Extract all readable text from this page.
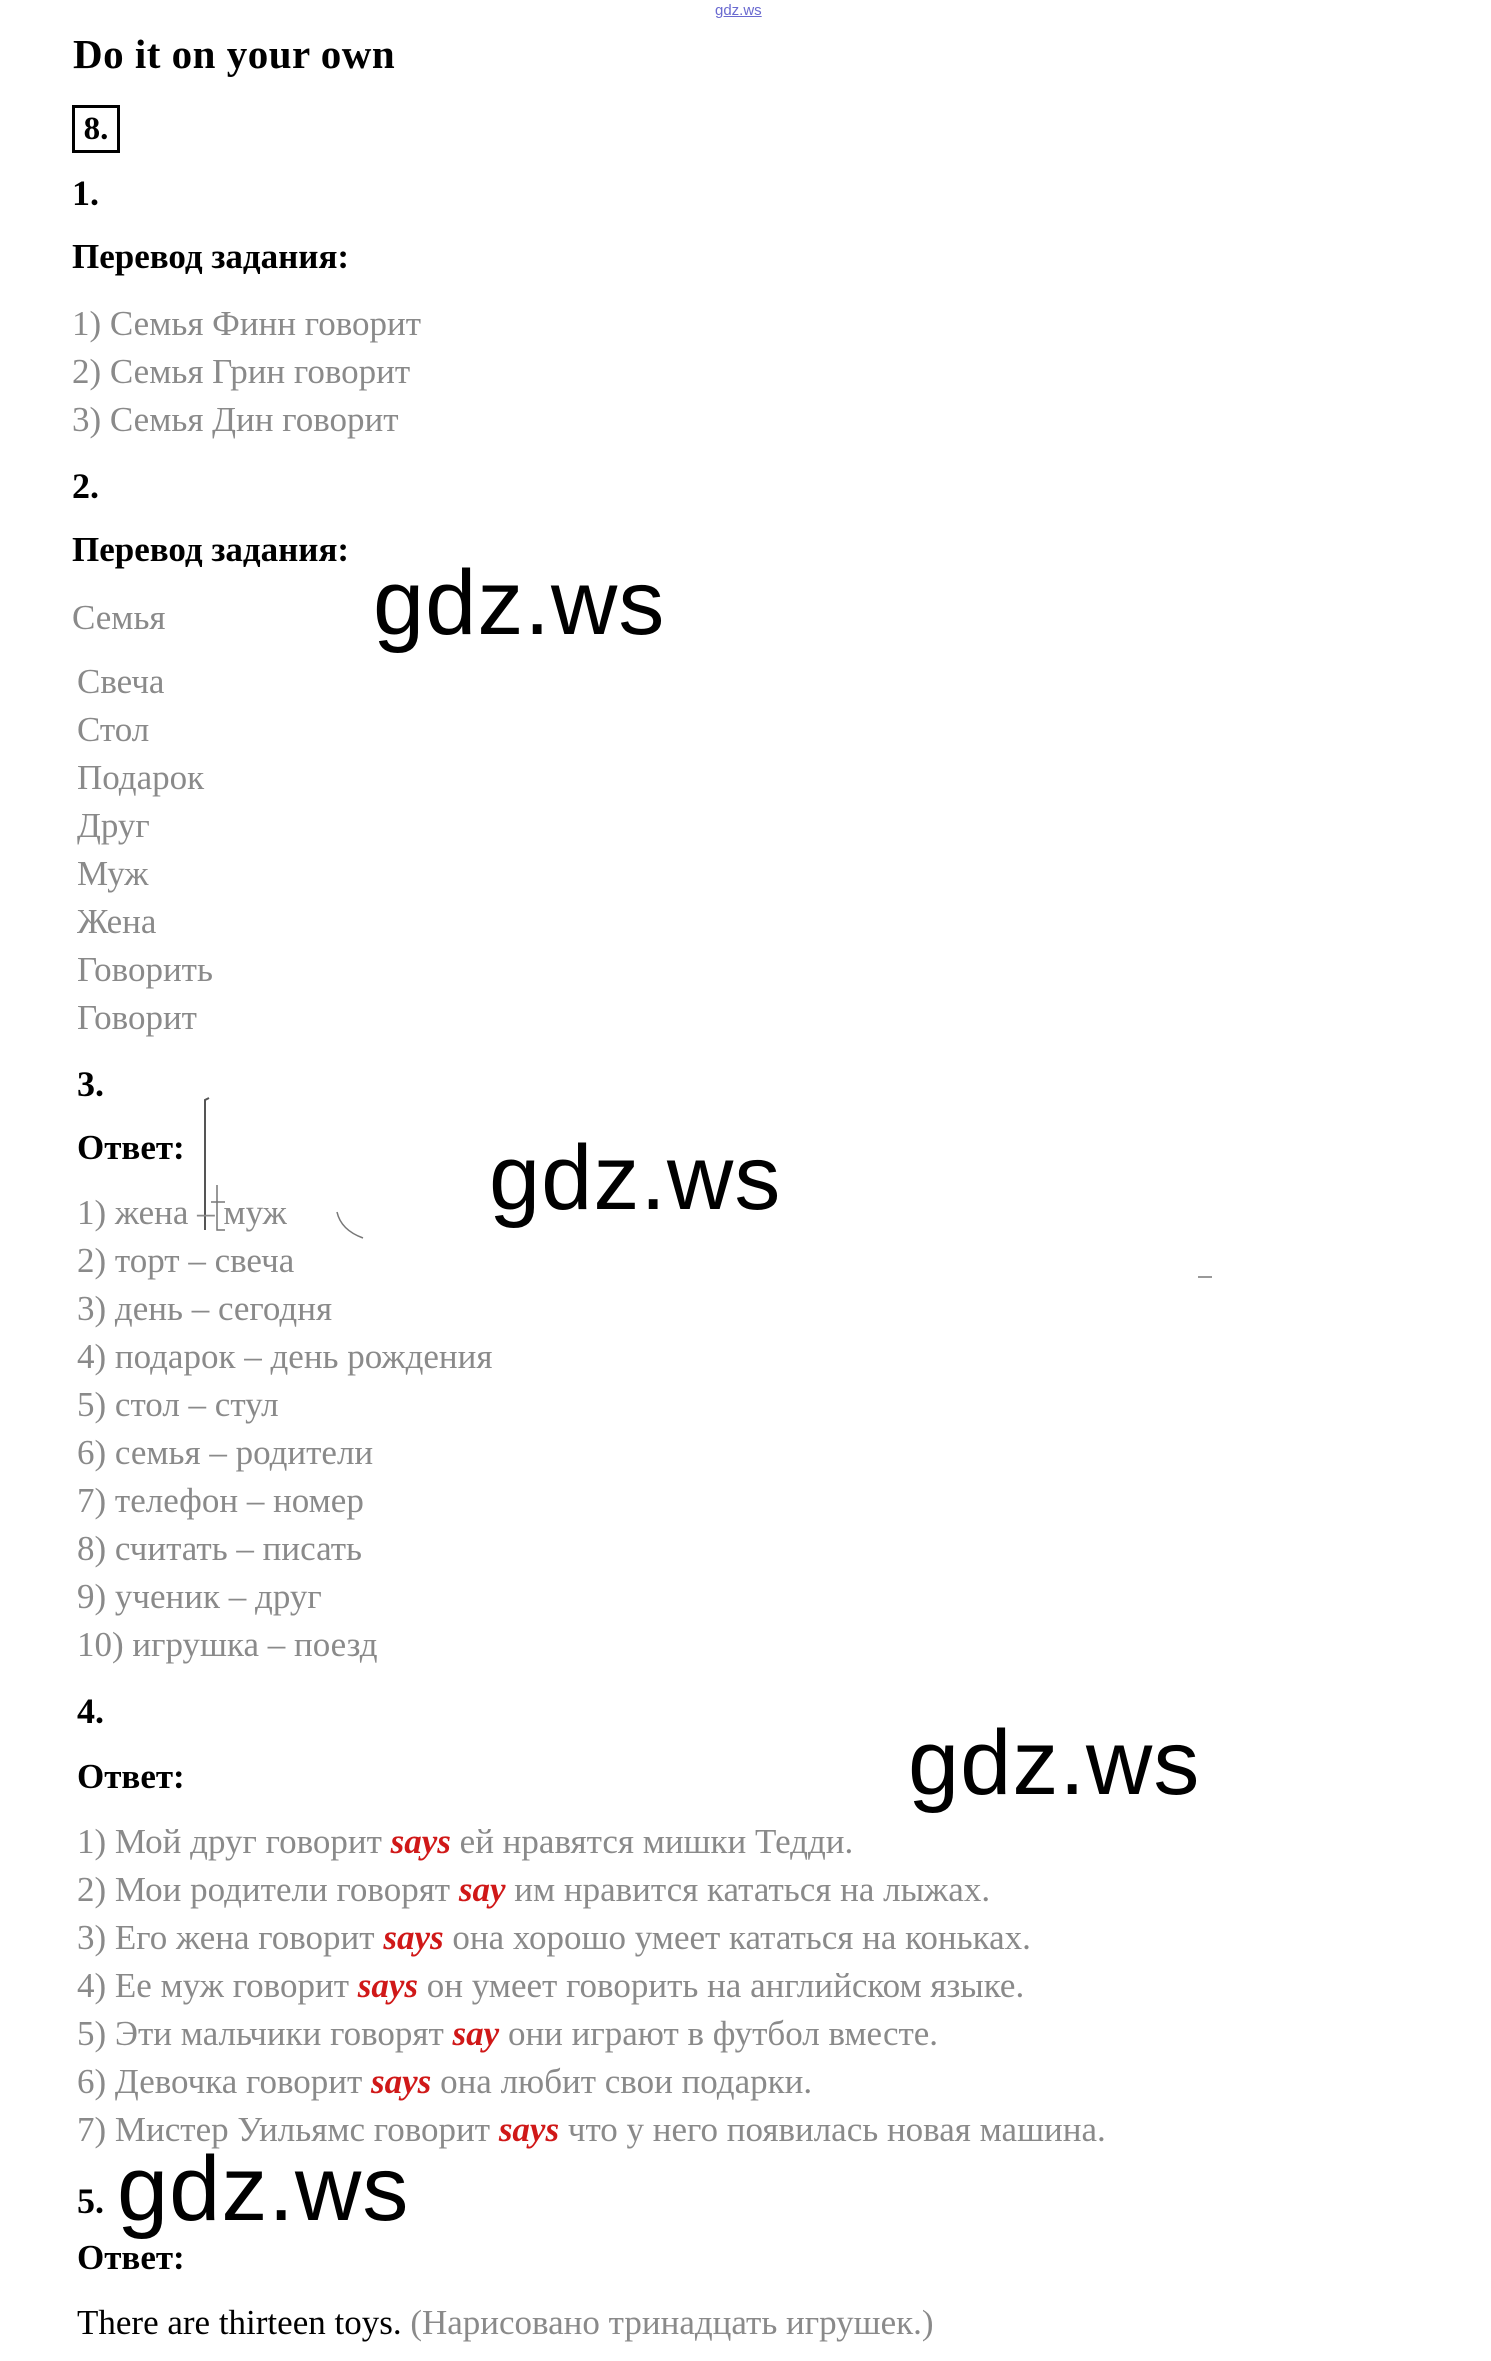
gdz.ws
Do it on your own
8.
1.
Перевод задания:
1) Семья Финн говорит
2) Семья Грин говорит
3) Семья Дин говорит
2.
Перевод задания:
Семья gdz.ws
Свеча
Стол
Подарок
Друг
Муж
Жена
Говорить
Говорит
3.
Ответ:	gdz.ws
1) жена – муж
2) торт – свеча
3) день – сегодня
4) подарок – день рождения
5) стол – стул
6) семья – родители
7) телефон – номер
8) считать – писать
9) ученик – друг
10) игрушка – поезд
4.
Ответ:	gdz.ws
1) Мой друг говорит says ей нравятся мишки Тедди.
2) Мои родители говорят say им нравится кататься на лыжах.
3) Его жена говорит says она хорошо умеет кататься на коньках.
4) Ее муж говорит says он умеет говорить на английском языке.
5) Эти мальчики говорят say они играют в футбол вместе.
6) Девочка говорит says она любит свои подарки.
7) Мистер Уильямс говорит says что у него появилась новая машина.
5. gdz.ws
Ответ:
There are thirteen toys. (Нарисовано тринадцать игрушек.)
